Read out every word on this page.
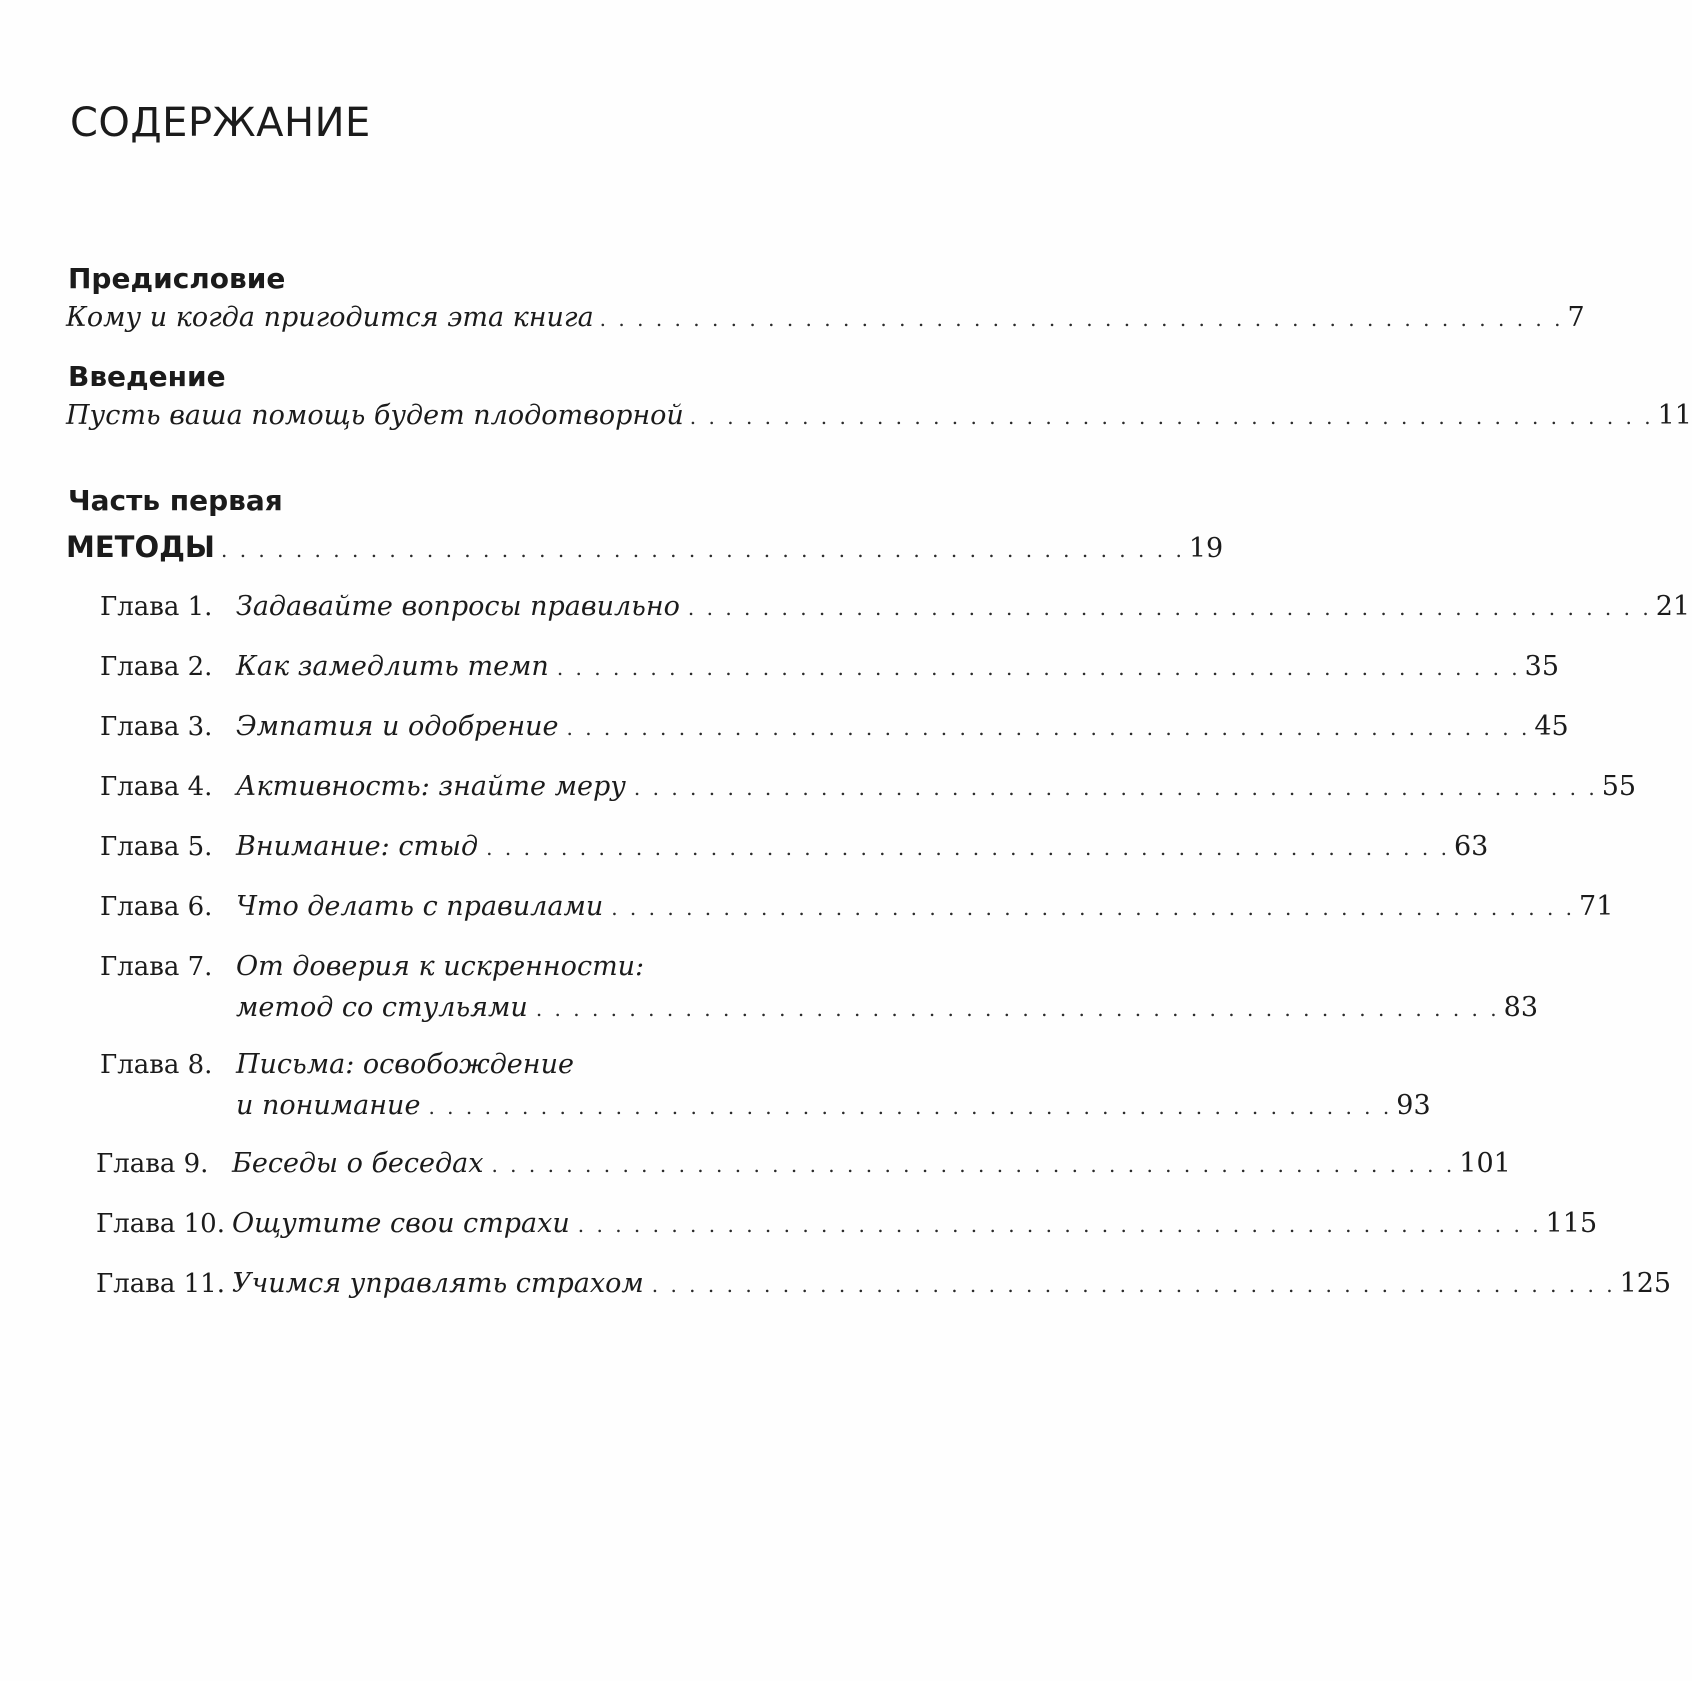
СОДЕРЖАНИЕ
Предисловие
Кому и когда пригодится эта книга . . . . . . . . . . . . . . . . . . . . . . . . . . . . . . . . . . . . . . . . . . . . . . . . . . . . 7
Введение
Пусть ваша помощь будет плодотворной . . . . . . . . . . . . . . . . . . . . . . . . . . . . . . . . . . . . . . . . . . . . . . . . . . . . 11
Часть первая
МЕТОДЫ . . . . . . . . . . . . . . . . . . . . . . . . . . . . . . . . . . . . . . . . . . . . . . . . . . . . 19
Глава 1. Задавайте вопросы правильно . . . . . . . . . . . . . . . . . . . . . . . . . . . . . . . . . . . . . . . . . . . . . . . . . . . . 21
Глава 2. Как замедлить темп . . . . . . . . . . . . . . . . . . . . . . . . . . . . . . . . . . . . . . . . . . . . . . . . . . . . 35
Глава 3. Эмпатия и одобрение . . . . . . . . . . . . . . . . . . . . . . . . . . . . . . . . . . . . . . . . . . . . . . . . . . . . 45
Глава 4. Активность: знайте меру . . . . . . . . . . . . . . . . . . . . . . . . . . . . . . . . . . . . . . . . . . . . . . . . . . . . 55
Глава 5. Внимание: стыд . . . . . . . . . . . . . . . . . . . . . . . . . . . . . . . . . . . . . . . . . . . . . . . . . . . . 63
Глава 6. Что делать с правилами . . . . . . . . . . . . . . . . . . . . . . . . . . . . . . . . . . . . . . . . . . . . . . . . . . . . 71
Глава 7. От доверия к искренности:
метод со стульями . . . . . . . . . . . . . . . . . . . . . . . . . . . . . . . . . . . . . . . . . . . . . . . . . . . . 83
Глава 8. Письма: освобождение
и понимание . . . . . . . . . . . . . . . . . . . . . . . . . . . . . . . . . . . . . . . . . . . . . . . . . . . . 93
Глава 9. Беседы о беседах . . . . . . . . . . . . . . . . . . . . . . . . . . . . . . . . . . . . . . . . . . . . . . . . . . . . 101
Глава 10. Ощутите свои страхи . . . . . . . . . . . . . . . . . . . . . . . . . . . . . . . . . . . . . . . . . . . . . . . . . . . . 115
Глава 11. Учимся управлять страхом . . . . . . . . . . . . . . . . . . . . . . . . . . . . . . . . . . . . . . . . . . . . . . . . . . . . 125
